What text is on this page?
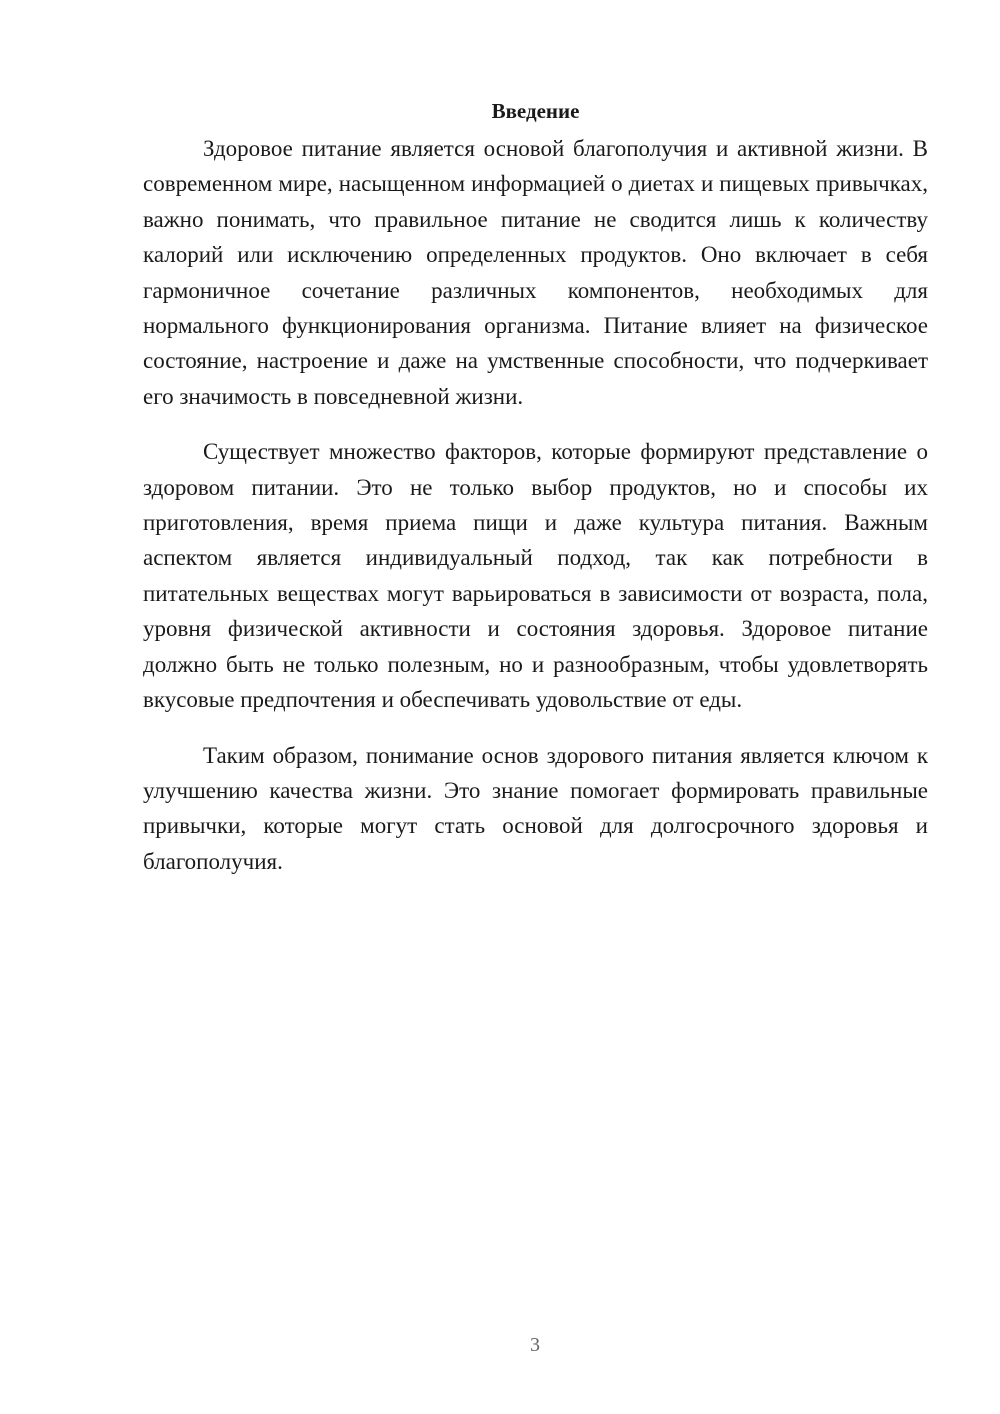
Введение

Здоровое питание является основой благополучия и активной жизни. В современном мире, насыщенном информацией о диетах и пищевых привычках, важно понимать, что правильное питание не сводится лишь к количеству калорий или исключению определенных продуктов. Оно включает в себя гармоничное сочетание различных компонентов, необходимых для нормального функционирования организма. Питание влияет на физическое состояние, настроение и даже на умственные способности, что подчеркивает его значимость в повседневной жизни.

Существует множество факторов, которые формируют представление о здоровом питании. Это не только выбор продуктов, но и способы их приготовления, время приема пищи и даже культура питания. Важным аспектом является индивидуальный подход, так как потребности в питательных веществах могут варьироваться в зависимости от возраста, пола, уровня физической активности и состояния здоровья. Здоровое питание должно быть не только полезным, но и разнообразным, чтобы удовлетворять вкусовые предпочтения и обеспечивать удовольствие от еды.

Таким образом, понимание основ здорового питания является ключом к улучшению качества жизни. Это знание помогает формировать правильные привычки, которые могут стать основой для долгосрочного здоровья и благополучия.

3
